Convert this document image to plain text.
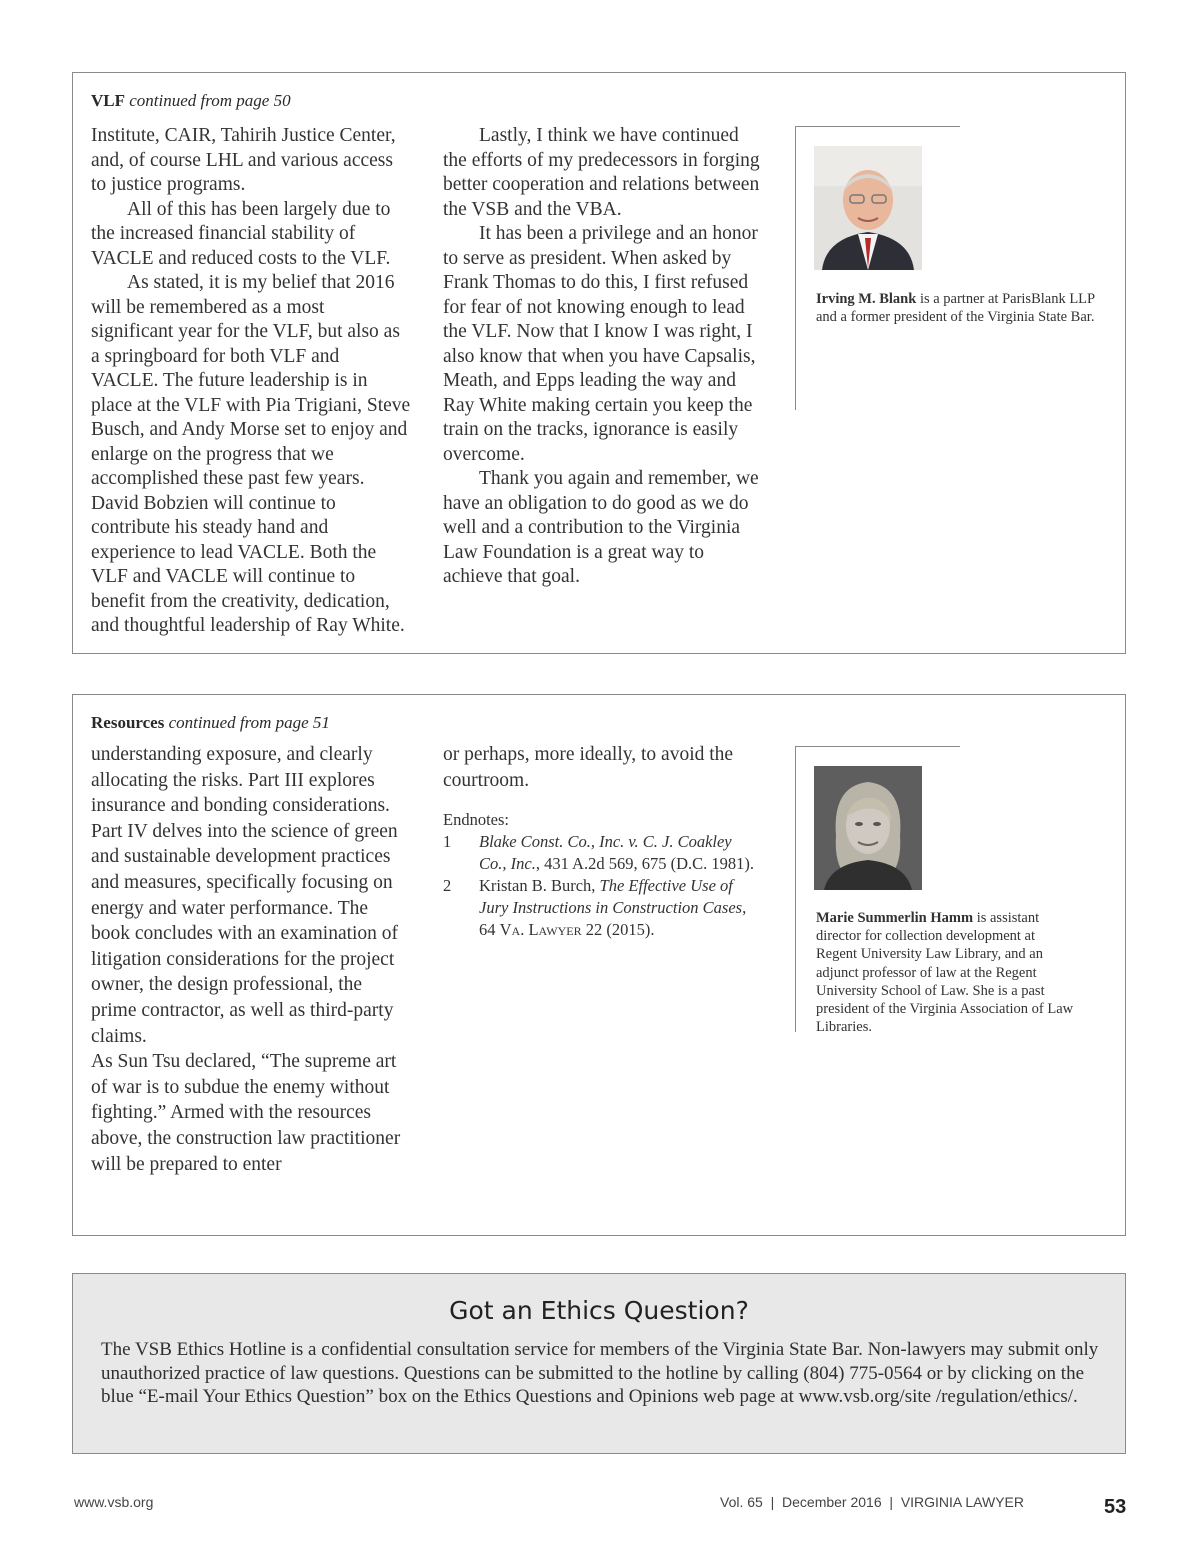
VLF continued from page 50

Institute, CAIR, Tahirih Justice Center, and, of course LHL and various access to justice programs.

All of this has been largely due to the increased financial stability of VACLE and reduced costs to the VLF.

As stated, it is my belief that 2016 will be remembered as a most significant year for the VLF, but also as a springboard for both VLF and VACLE. The future leadership is in place at the VLF with Pia Trigiani, Steve Busch, and Andy Morse set to enjoy and enlarge on the progress that we accomplished these past few years. David Bobzien will continue to contribute his steady hand and experience to lead VACLE. Both the VLF and VACLE will continue to benefit from the creativity, dedication, and thoughtful leadership of Ray White.

Lastly, I think we have continued the efforts of my predecessors in forging better cooperation and relations between the VSB and the VBA.

It has been a privilege and an honor to serve as president. When asked by Frank Thomas to do this, I first refused for fear of not knowing enough to lead the VLF. Now that I know I was right, I also know that when you have Capsalis, Meath, and Epps leading the way and Ray White making certain you keep the train on the tracks, ignorance is easily overcome.

Thank you again and remember, we have an obligation to do good as we do well and a contribution to the Virginia Law Foundation is a great way to achieve that goal.

Irving M. Blank is a partner at ParisBlank LLP and a former president of the Virginia State Bar.
Resources continued from page 51

understanding exposure, and clearly allocating the risks. Part III explores insurance and bonding considerations. Part IV delves into the science of green and sustainable development practices and measures, specifically focusing on energy and water performance. The book concludes with an examination of litigation considerations for the project owner, the design professional, the prime contractor, as well as third-party claims.

As Sun Tsu declared, “The supreme art of war is to subdue the enemy without fighting.” Armed with the resources above, the construction law practitioner will be prepared to enter

or perhaps, more ideally, to avoid the courtroom.

Endnotes:
1 Blake Const. Co., Inc. v. C. J. Coakley Co., Inc., 431 A.2d 569, 675 (D.C. 1981).
2 Kristan B. Burch, The Effective Use of Jury Instructions in Construction Cases, 64 Va. Lawyer 22 (2015).
Marie Summerlin Hamm is assistant director for collection development at Regent University Law Library, and an adjunct professor of law at the Regent University School of Law. She is a past president of the Virginia Association of Law Libraries.
Got an Ethics Question?
The VSB Ethics Hotline is a confidential consultation service for members of the Virginia State Bar. Non-lawyers may submit only unauthorized practice of law questions. Questions can be submitted to the hotline by calling (804) 775-0564 or by clicking on the blue “E-mail Your Ethics Question” box on the Ethics Questions and Opinions web page at www.vsb.org/site /regulation/ethics/.
www.vsb.org	Vol. 65  |  December 2016  |  VIRGINIA LAWYER	53
